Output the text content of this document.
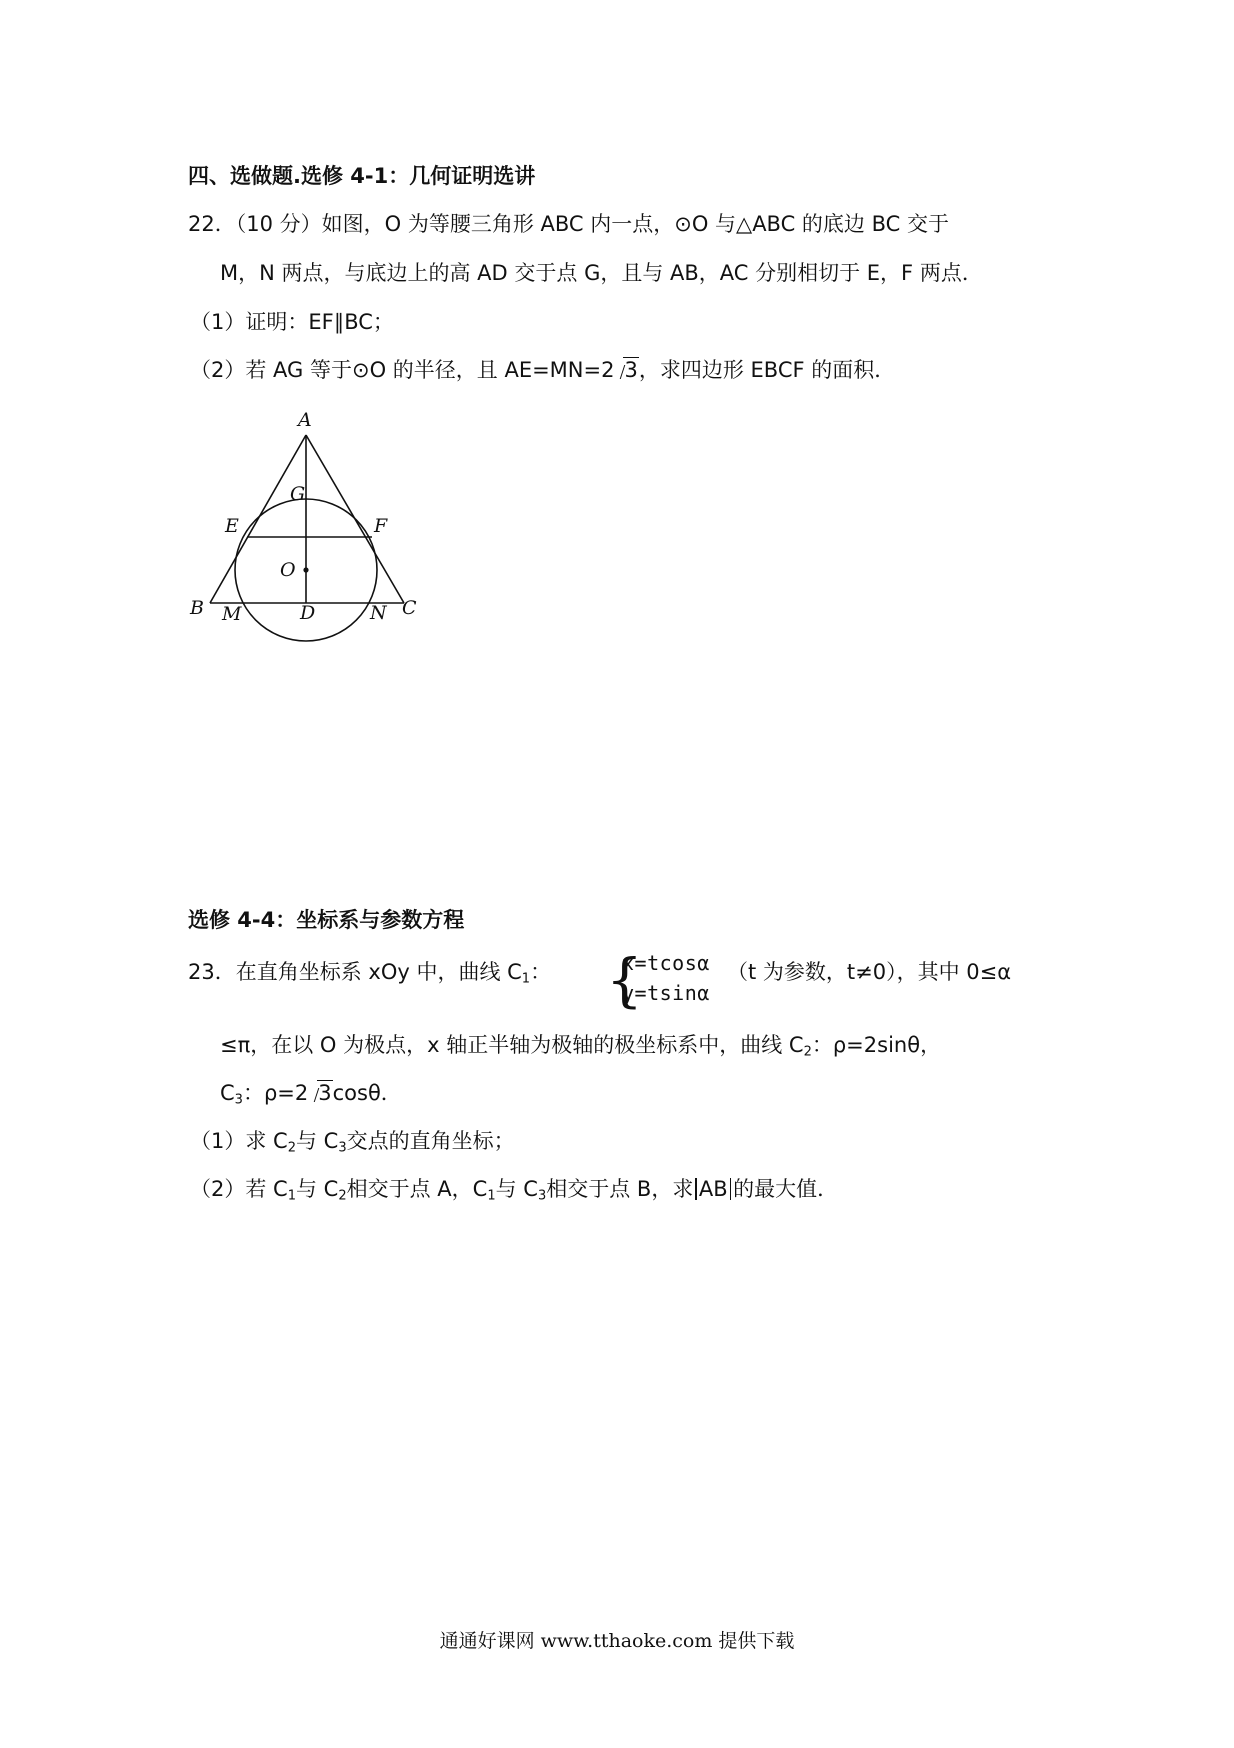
四、选做题.选修 4-1：几何证明选讲
22．（10 分）如图，O 为等腰三角形 ABC 内一点，⊙O 与△ABC 的底边 BC 交于
M，N 两点，与底边上的高 AD 交于点 G，且与 AB，AC 分别相切于 E，F 两点．
（1）证明：EF∥BC；
（2）若 AG 等于⊙O 的半径，且 AE=MN=2 3，求四边形 EBCF 的面积．
A
G
E	F
O
B M	D	N C
选修 4-4：坐标系与参数方程
23．在直角坐标系 xOy 中，曲线 $C_1$： {
x=tcosα
y=tsinα
（t 为参数，t≠0），其中 0≤α
≤π，在以 O 为极点，x 轴正半轴为极轴的极坐标系中，曲线 $C_2$：ρ=2sinθ，
$C_3$：ρ=2 3cosθ．
（1）求 $C_2$与 $C_3$交点的直角坐标；
（2）若 $C_1$与 $C_2$相交于点 A，$C_1$与 $C_3$相交于点 B，求 AB 的最大值．
通通好课网 www.tthaoke.com 提供下载
